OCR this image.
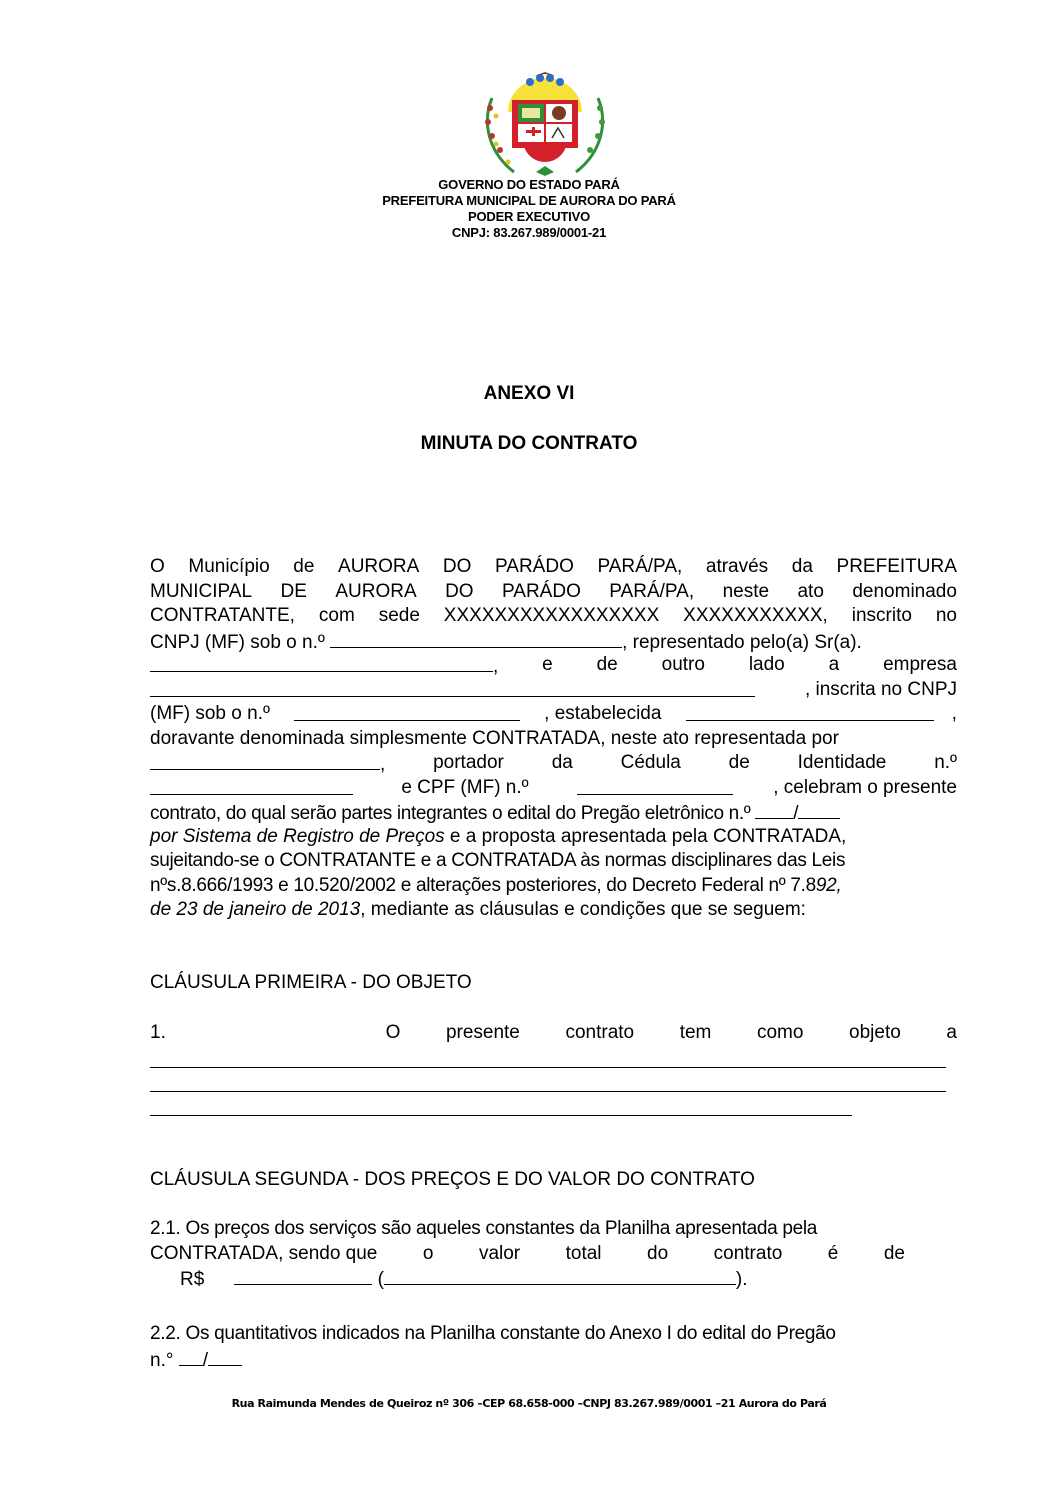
GOVERNO DO ESTADO PARÁ
PREFEITURA MUNICIPAL DE AURORA DO PARÁ
PODER EXECUTIVO
CNPJ: 83.267.989/0001-21
ANEXO VI
MINUTA DO CONTRATO
O Município de AURORA DO PARÁDO PARÁ/PA, através da PREFEITURA
MUNICIPAL DE AURORA DO PARÁDO PARÁ/PA, neste ato denominado
CONTRATANTE, com sede XXXXXXXXXXXXXXXXX XXXXXXXXXXX, inscrito no
CNPJ (MF) sob o n.º	, representado pelo(a) Sr(a).
, e de outro lado a empresa
, inscrita no CNPJ
(MF) sob o n.º	, estabelecida	,
doravante denominada simplesmente CONTRATADA, neste ato representada por
,	portador	da	Cédula	de	Identidade	n.º
e CPF (MF) n.º	, celebram o presente
contrato, do qual serão partes integrantes o edital do Pregão eletrônico n.º /
por Sistema de Registro de Preços e a proposta apresentada pela CONTRATADA,
sujeitando-se o CONTRATANTE e a CONTRATADA às normas disciplinares das Leis
nºs.8.666/1993 e 10.520/2002 e alterações posteriores, do Decreto Federal nº 7.892,
de 23 de janeiro de 2013, mediante as cláusulas e condições que se seguem:
CLÁUSULA PRIMEIRA - DO OBJETO
1.	O presente contrato tem como objeto a
CLÁUSULA SEGUNDA - DOS PREÇOS E DO VALOR DO CONTRATO
2.1. Os preços dos serviços são aqueles constantes da Planilha apresentada pela
CONTRATADA, sendo que o valor total do contrato é de
R$	(	).
2.2. Os quantitativos indicados na Planilha constante do Anexo I do edital do Pregão
n.° /
Rua Raimunda Mendes de Queiroz nº 306 –CEP 68.658-000 –CNPJ 83.267.989/0001 –21 Aurora do Pará
